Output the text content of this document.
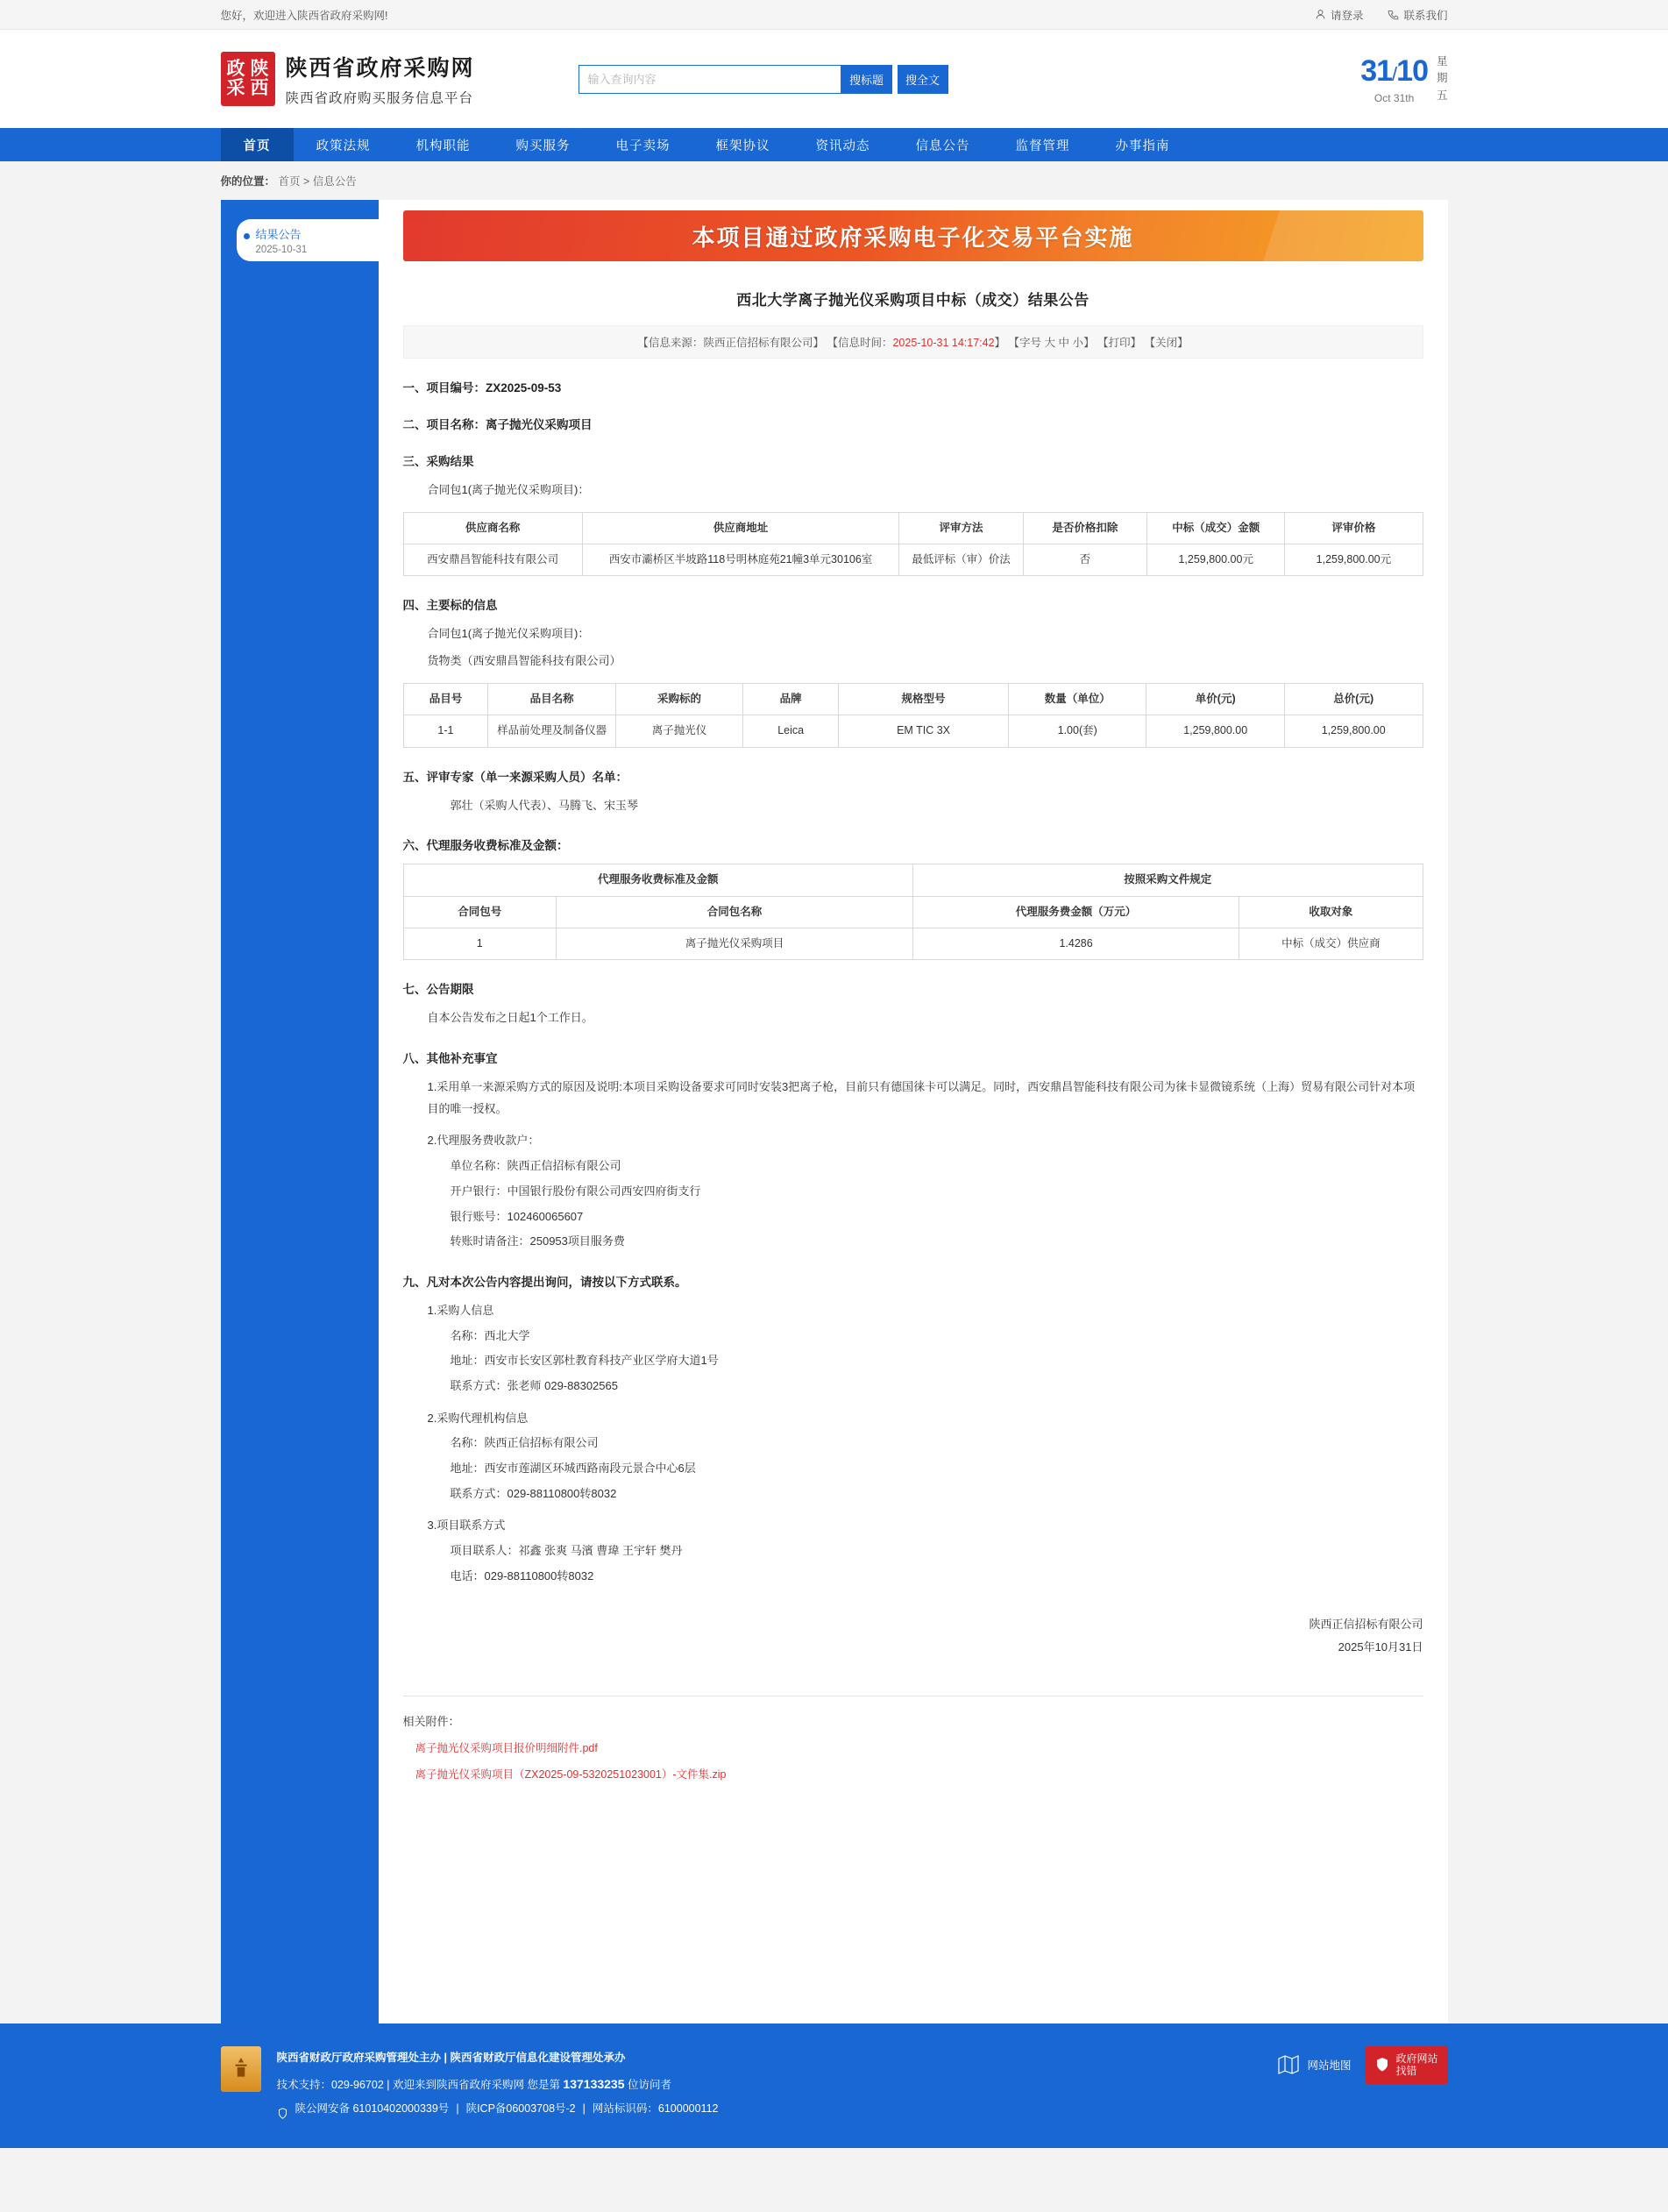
您好，欢迎进入陕西省政府采购网!	请登录	联系我们
政 陕
采 西
陕西省政府采购网
陕西省政府购买服务信息平台
输入查询内容
搜标题	搜全文	31/10
Oct 31th
星
期
五
首页	政策法规	机构职能	购买服务	电子卖场	框架协议	资讯动态	信息公告	监督管理	办事指南
你的位置： 首页 > 信息公告
结果公告
2025-10-31	本项目通过政府采购电子化交易平台实施
西北大学离子抛光仪采购项目中标（成交）结果公告
【信息来源：陕西正信招标有限公司】 【信息时间：2025-10-31 14:17:42】 【字号 大 中 小】 【打印】 【关闭】
一、项目编号：ZX2025-09-53
二、项目名称：离子抛光仪采购项目
三、采购结果
合同包1(离子抛光仪采购项目)：
供应商名称	供应商地址	评审方法	是否价格扣除	中标（成交）金额	评审价格
西安鼎昌智能科技有限公司	西安市灞桥区半坡路118号明林庭苑21幢3单元30106室	最低评标（审）价法	否	1,259,800.00元	1,259,800.00元
四、主要标的信息
合同包1(离子抛光仪采购项目)：
货物类（西安鼎昌智能科技有限公司）
品目号	品目名称	采购标的	品牌	规格型号	数量（单位）	单价(元)	总价(元)
1-1	样品前处理及制备仪器	离子抛光仪	Leica	EM TIC 3X	1.00(套)	1,259,800.00	1,259,800.00
五、评审专家（单一来源采购人员）名单：
郭壮（采购人代表）、马腾飞、宋玉琴
六、代理服务收费标准及金额：
代理服务收费标准及金额		按照采购文件规定	
合同包号	合同包名称	代理服务费金额（万元）	收取对象
1	离子抛光仪采购项目	1.4286	中标（成交）供应商
七、公告期限
自本公告发布之日起1个工作日。
八、其他补充事宜
1.采用单一来源采购方式的原因及说明:本项目采购设备要求可同时安装3把离子枪，目前只有德国徕卡可以满足。同时，西安鼎昌智能科技有限公司为徕卡显微镜系统（上海）贸易有限公司针对本项目的唯一授权。
2.代理服务费收款户：
单位名称：陕西正信招标有限公司
开户银行：中国银行股份有限公司西安四府街支行
银行账号：102460065607
转账时请备注：250953项目服务费
九、凡对本次公告内容提出询问，请按以下方式联系。
1.采购人信息
名称：西北大学
地址：西安市长安区郭杜教育科技产业区学府大道1号
联系方式：张老师 029-88302565
2.采购代理机构信息
名称：陕西正信招标有限公司
地址：西安市莲湖区环城西路南段元景合中心6层
联系方式：029-88110800转8032
3.项目联系方式
项目联系人：祁鑫 张爽 马濱 曹瑋 王宇轩 樊丹
电话：029-88110800转8032
陕西正信招标有限公司
2025年10月31日
相关附件：
离子抛光仪采购项目报价明细附件.pdf
离子抛光仪采购项目（ZX2025-09-5320251023001）-文件集.zip
陕西省财政厅政府采购管理处主办 | 陕西省财政厅信息化建设管理处承办
技术支持：029-96702 | 欢迎来到陕西省政府采购网 您是第 137133235 位访问者
陕公网安备 61010402000339号 | 陕ICP备06003708号-2 | 网站标识码：6100000112
网站地图
政府网站
找错
